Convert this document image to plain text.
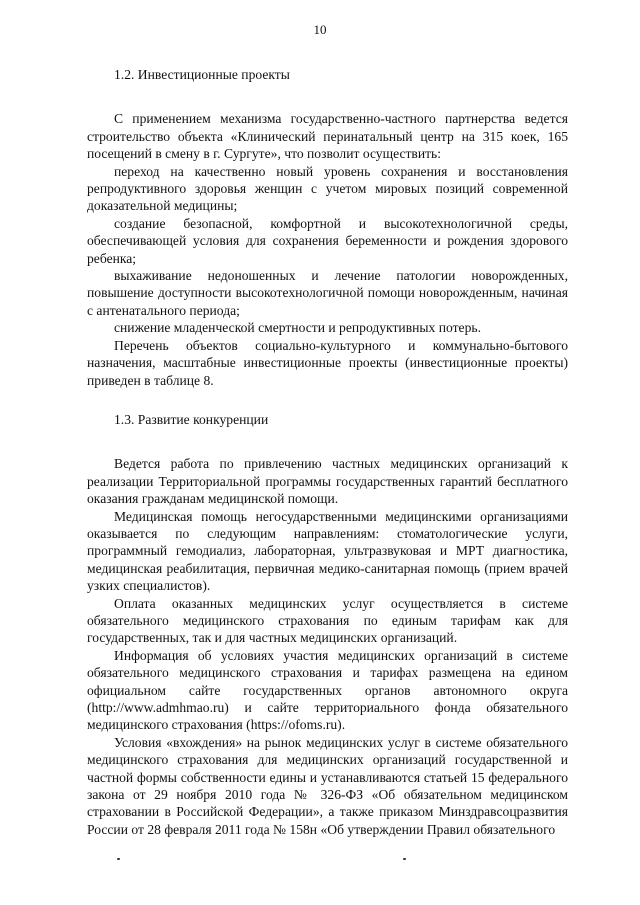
10
1.2. Инвестиционные проекты

С применением механизма государственно-частного партнерства ведется строительство объекта «Клинический перинатальный центр на 315 коек, 165 посещений в смену в г. Сургуте», что позволит осуществить:

переход на качественно новый уровень сохранения и восстановления репродуктивного здоровья женщин с учетом мировых позиций современной доказательной медицины;

создание безопасной, комфортной и высокотехнологичной среды, обеспечивающей условия для сохранения беременности и рождения здорового ребенка;

выхаживание недоношенных и лечение патологии новорожденных, повышение доступности высокотехнологичной помощи новорожденным, начиная с антенатального периода;

снижение младенческой смертности и репродуктивных потерь.

Перечень объектов социально-культурного и коммунально-бытового назначения, масштабные инвестиционные проекты (инвестиционные проекты) приведен в таблице 8.

1.3. Развитие конкуренции

Ведется работа по привлечению частных медицинских организаций к реализации Территориальной программы государственных гарантий бесплатного оказания гражданам медицинской помощи.

Медицинская помощь негосударственными медицинскими организациями оказывается по следующим направлениям: стоматологические услуги, программный гемодиализ, лабораторная, ультразвуковая и МРТ диагностика, медицинская реабилитация, первичная медико-санитарная помощь (прием врачей узких специалистов).

Оплата оказанных медицинских услуг осуществляется в системе обязательного медицинского страхования по единым тарифам как для государственных, так и для частных медицинских организаций.

Информация об условиях участия медицинских организаций в системе обязательного медицинского страхования и тарифах размещена на едином официальном сайте государственных органов автономного округа (http://www.admhmao.ru) и сайте территориального фонда обязательного медицинского страхования (https://ofoms.ru).

Условия «вхождения» на рынок медицинских услуг в системе обязательного медицинского страхования для медицинских организаций государственной и частной формы собственности едины и устанавливаются статьей 15 федерального закона от 29 ноября 2010 года № 326-ФЗ «Об обязательном медицинском страховании в Российской Федерации», а также приказом Минздравсоцразвития России от 28 февраля 2011 года № 158н «Об утверждении Правил обязательного
